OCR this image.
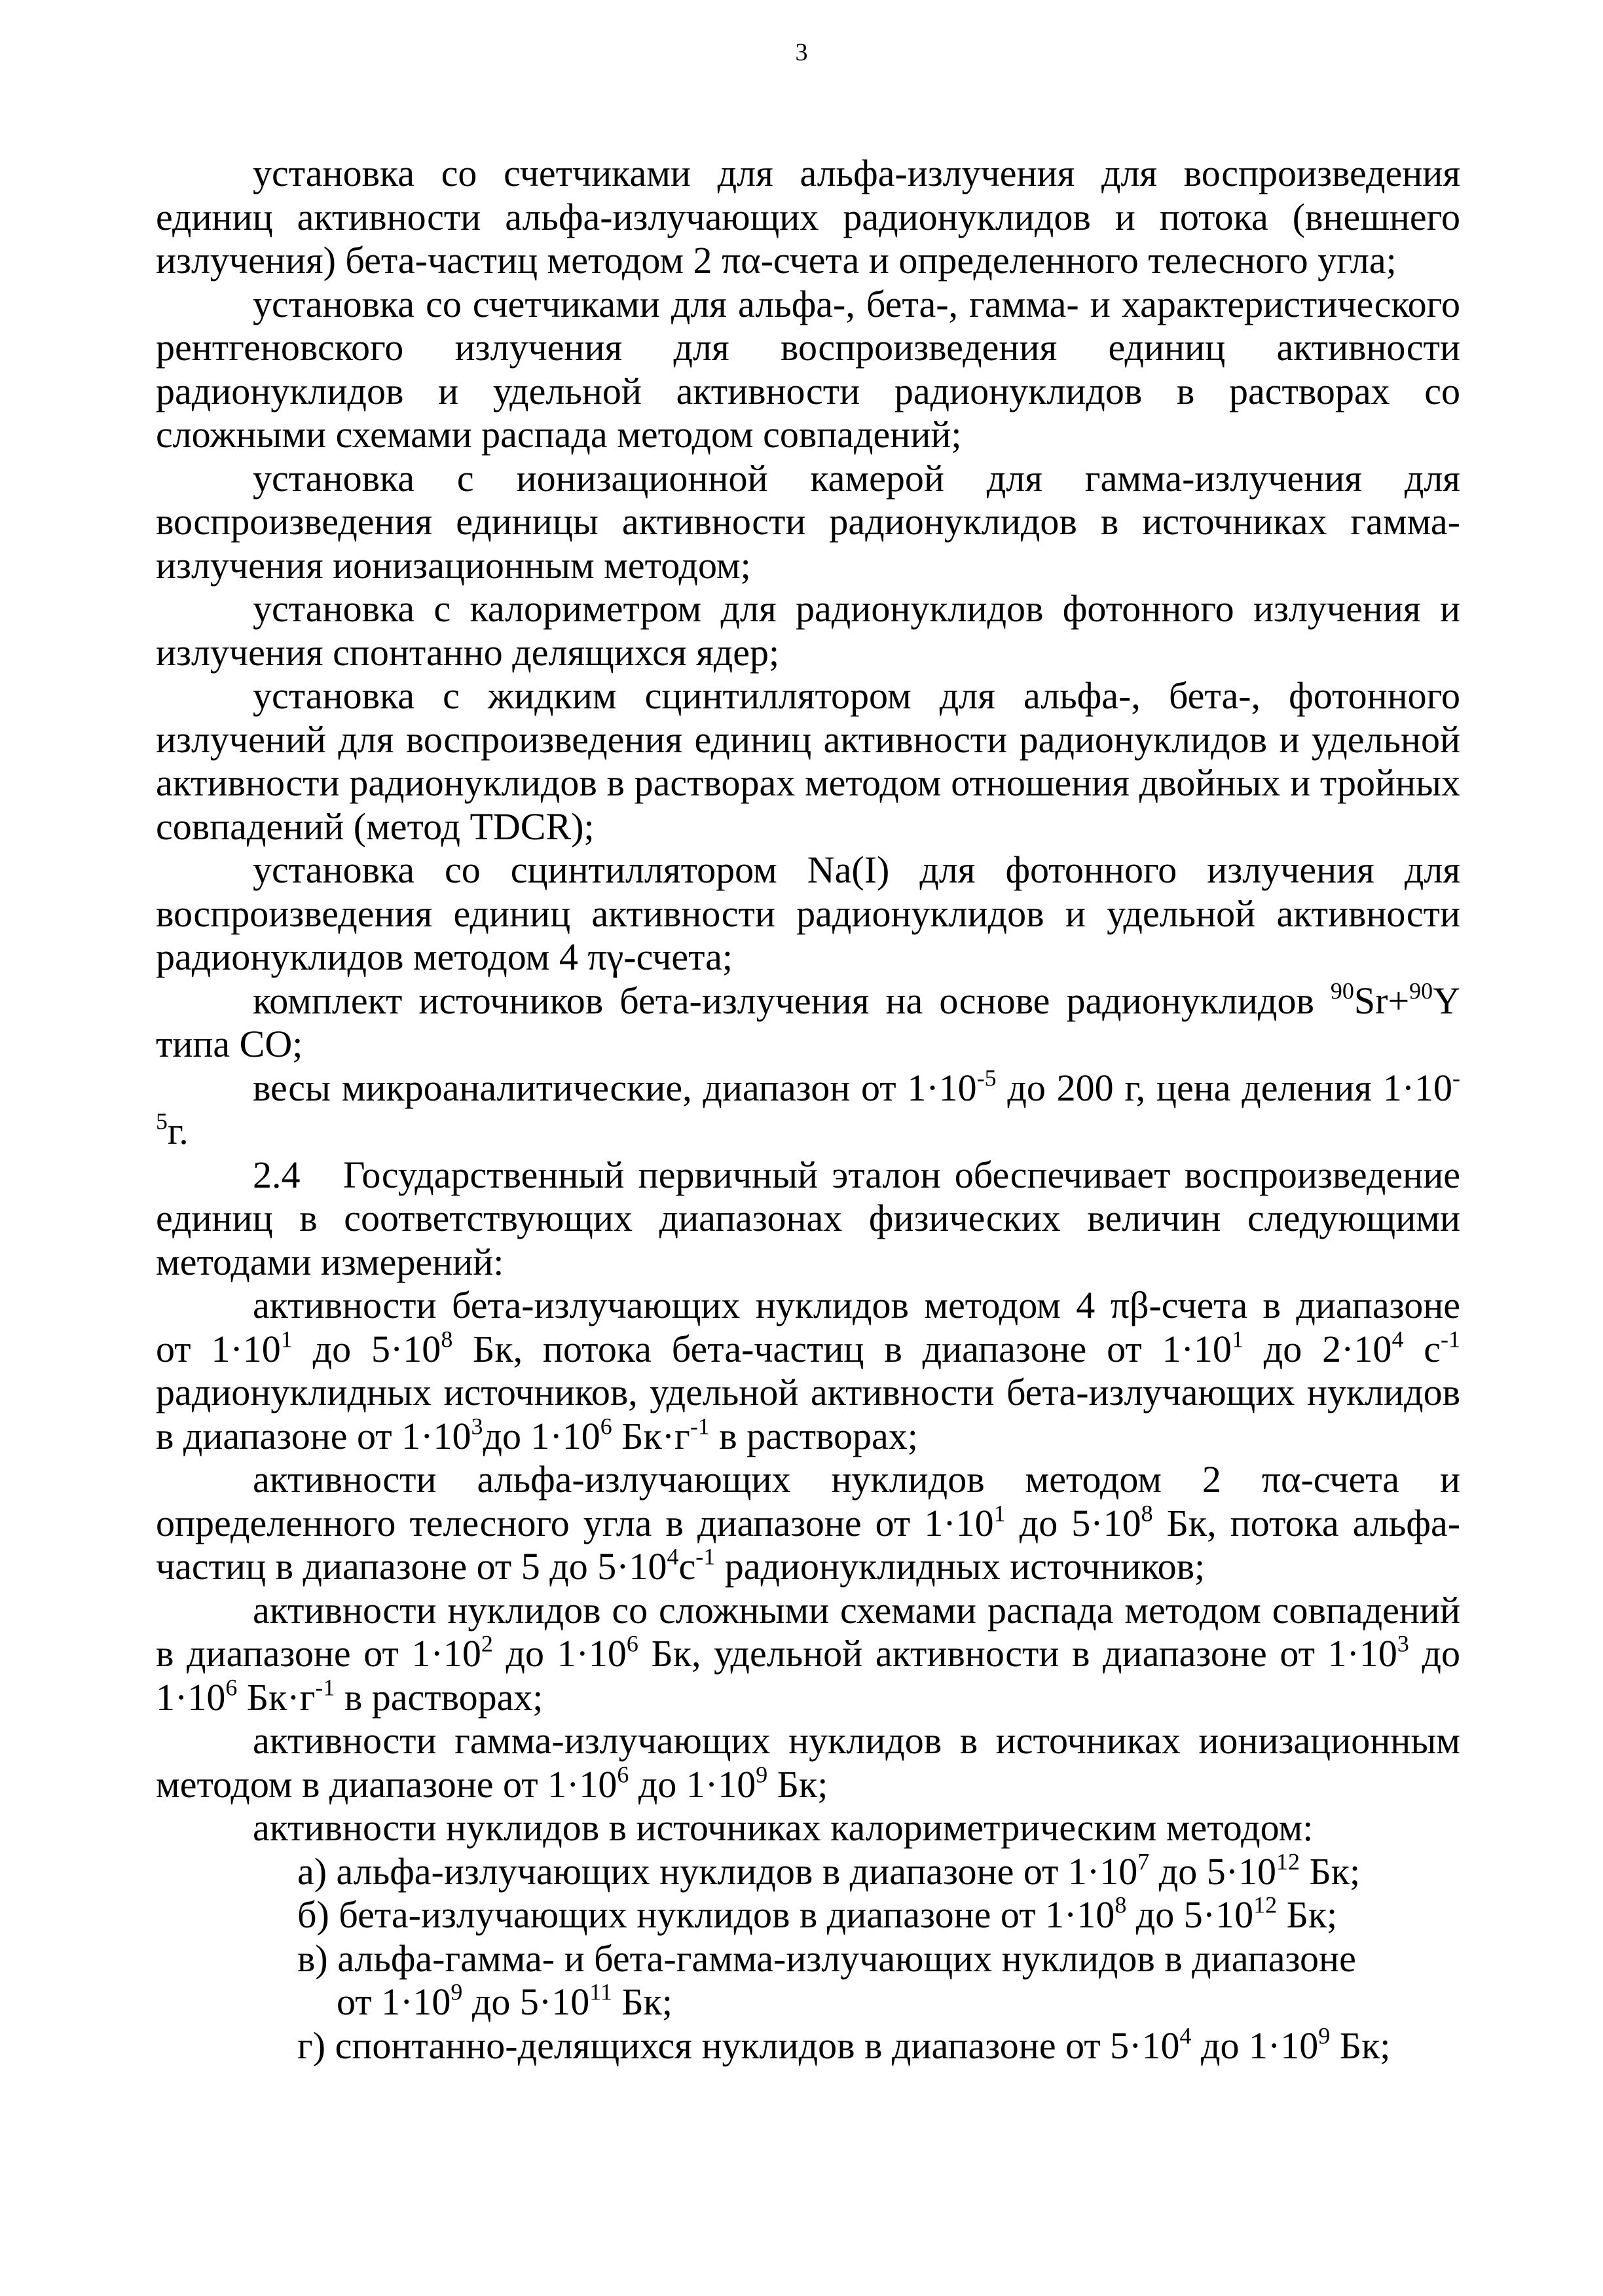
3

установка со счетчиками для альфа-излучения для воспроизведения единиц активности альфа-излучающих радионуклидов и потока (внешнего излучения) бета-частиц методом 2 πα-счета и определенного телесного угла;

установка со счетчиками для альфа-, бета-, гамма- и характеристического рентгеновского излучения для воспроизведения единиц активности радионуклидов и удельной активности радионуклидов в растворах со сложными схемами распада методом совпадений;

установка с ионизационной камерой для гамма-излучения для воспроизведения единицы активности радионуклидов в источниках гамма-излучения ионизационным методом;

установка с калориметром для радионуклидов фотонного излучения и излучения спонтанно делящихся ядер;

установка с жидким сцинтиллятором для альфа-, бета-, фотонного излучений для воспроизведения единиц активности радионуклидов и удельной активности радионуклидов в растворах методом отношения двойных и тройных совпадений (метод TDCR);

установка со сцинтиллятором Na(I) для фотонного излучения для воспроизведения единиц активности радионуклидов и удельной активности радионуклидов методом 4 πγ-счета;

комплект источников бета-излучения на основе радионуклидов $^{90}$Sr+$^{90}$Y типа СО;

весы микроаналитические, диапазон от $1\cdot 10^{-5}$ до 200 г, цена деления $1\cdot 10^{-5}г$.

2.4 Государственный первичный эталон обеспечивает воспроизведение единиц в соответствующих диапазонах физических величин следующими методами измерений:

активности бета-излучающих нуклидов методом 4 πβ-счета в диапазоне от $1\cdot 10^1$ до $5\cdot 10^8$ Бк, потока бета-частиц в диапазоне от $1\cdot 10^1$ до $2\cdot 10^4$ $с^{-1}$ радионуклидных источников, удельной активности бета-излучающих нуклидов в диапазоне от $1\cdot 10^3до$ $1\cdot 10^6$ $Бк\cdot г^{-1}$ в растворах;

активности альфа-излучающих нуклидов методом 2 πα-счета и определенного телесного угла в диапазоне от $1\cdot 10^1$ до $5\cdot 10^8$ Бк, потока альфа-частиц в диапазоне от 5 до $5\cdot 10^4с^{-1}$ радионуклидных источников;

активности нуклидов со сложными схемами распада методом совпадений в диапазоне от $1\cdot 10^2$ до $1\cdot 10^6$ Бк, удельной активности в диапазоне от $1\cdot 10^3$ до $1\cdot 10^6$ $Бк\cdot г^{-1}$ в растворах;

активности гамма-излучающих нуклидов в источниках ионизационным методом в диапазоне от $1\cdot 10^6$ до $1\cdot 10^9$ Бк;

активности нуклидов в источниках калориметрическим методом:

а) альфа-излучающих нуклидов в диапазоне от $1\cdot 10^7$ до $5\cdot 10^{12}$ Бк;

б) бета-излучающих нуклидов в диапазоне от $1\cdot 10^8$ до $5\cdot 10^{12}$ Бк;

в) альфа-гамма- и бета-гамма-излучающих нуклидов в диапазоне

от $1\cdot 10^9$ до $5\cdot 10^{11}$ Бк;

г) спонтанно-делящихся нуклидов в диапазоне от $5\cdot 10^4$ до $1\cdot 10^9$ Бк;
